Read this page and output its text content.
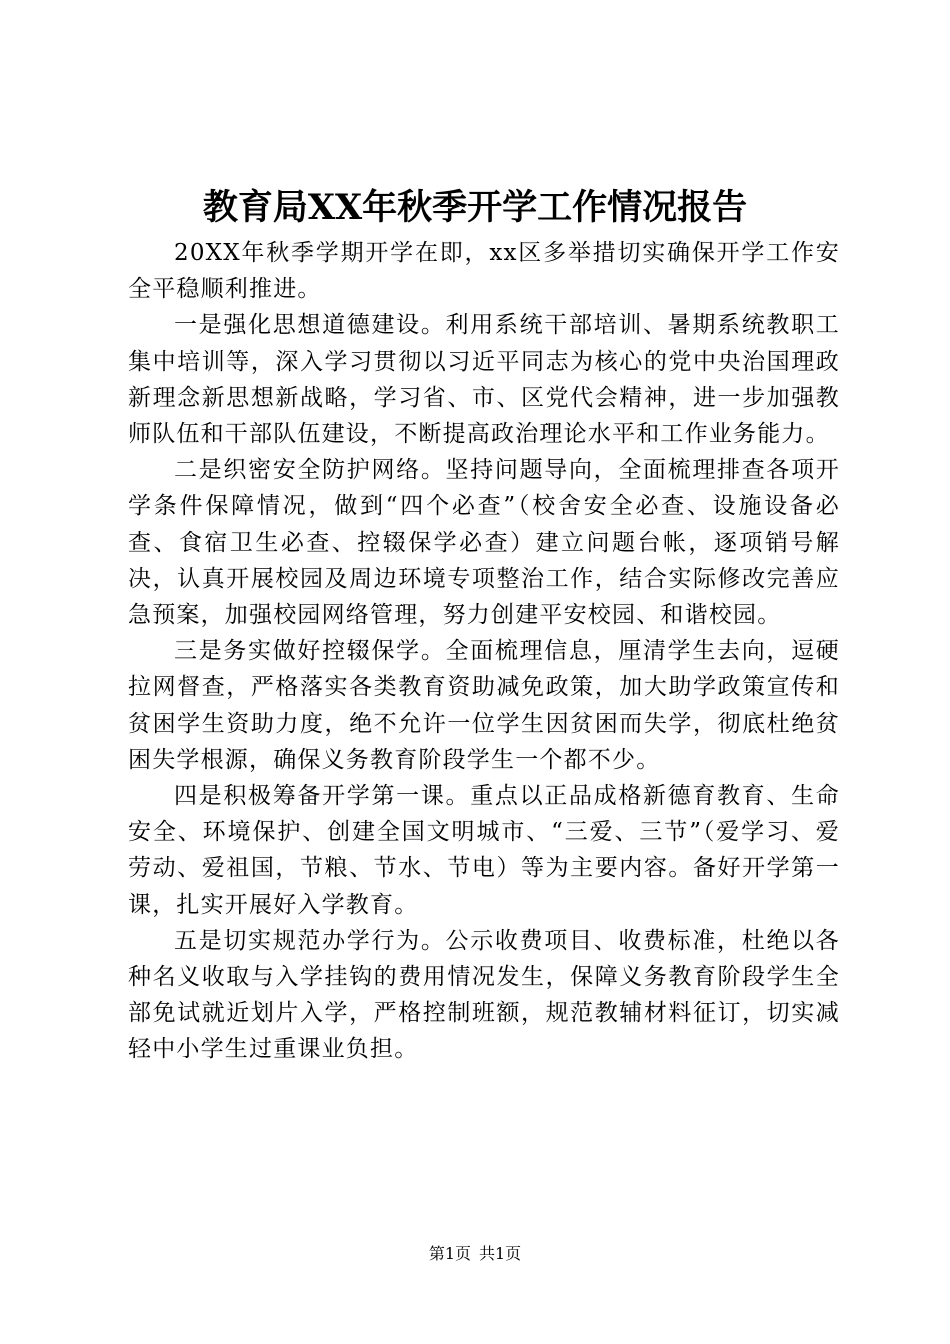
教育局XX年秋季开学工作情况报告

20XX年秋季学期开学在即，xx区多举措切实确保开学工作安全平稳顺利推进。

一是强化思想道德建设。利用系统干部培训、暑期系统教职工集中培训等，深入学习贯彻以习近平同志为核心的党中央治国理政新理念新思想新战略，学习省、市、区党代会精神，进一步加强教师队伍和干部队伍建设，不断提高政治理论水平和工作业务能力。

二是织密安全防护网络。坚持问题导向，全面梳理排查各项开学条件保障情况，做到“四个必查”（校舍安全必查、设施设备必查、食宿卫生必查、控辍保学必查）建立问题台帐，逐项销号解决，认真开展校园及周边环境专项整治工作，结合实际修改完善应急预案，加强校园网络管理，努力创建平安校园、和谐校园。

三是务实做好控辍保学。全面梳理信息，厘清学生去向，逗硬拉网督查，严格落实各类教育资助减免政策，加大助学政策宣传和贫困学生资助力度，绝不允许一位学生因贫困而失学，彻底杜绝贫困失学根源，确保义务教育阶段学生一个都不少。

四是积极筹备开学第一课。重点以正品成格新德育教育、生命安全、环境保护、创建全国文明城市、“三爱、三节”（爱学习、爱劳动、爱祖国，节粮、节水、节电）等为主要内容。备好开学第一课，扎实开展好入学教育。

五是切实规范办学行为。公示收费项目、收费标准，杜绝以各种名义收取与入学挂钩的费用情况发生，保障义务教育阶段学生全部免试就近划片入学，严格控制班额，规范教辅材料征订，切实减轻中小学生过重课业负担。

第1页 共1页
